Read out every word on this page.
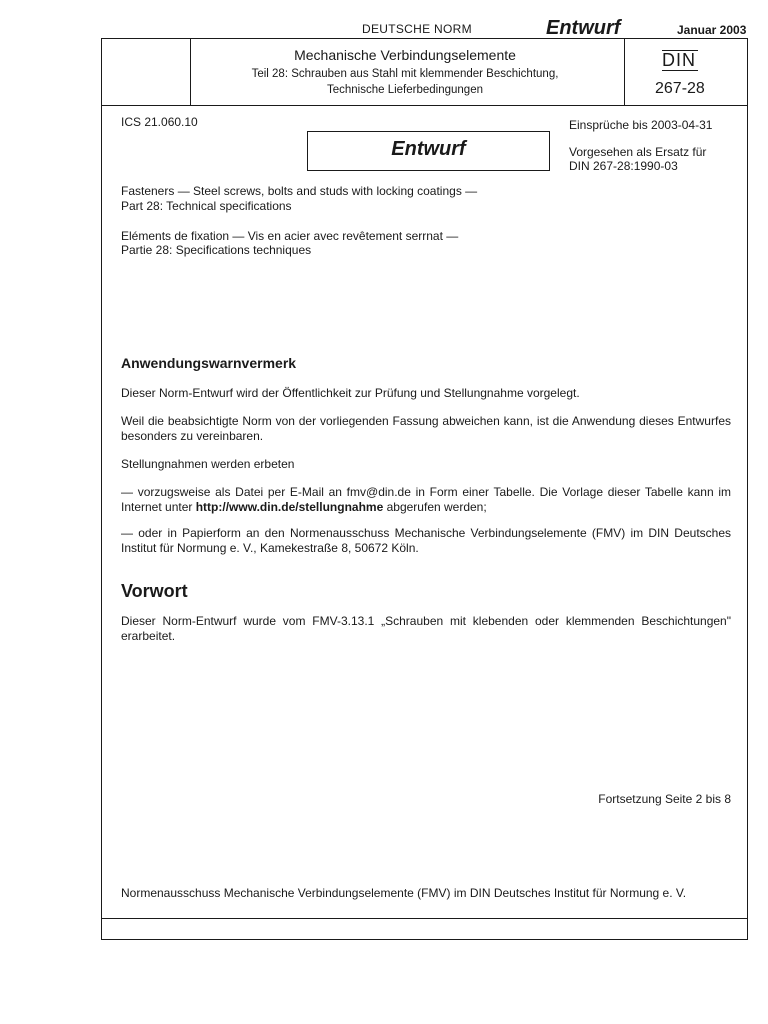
DEUTSCHE NORM	Entwurf	Januar 2003
Mechanische Verbindungselemente
Teil 28: Schrauben aus Stahl mit klemmender Beschichtung,
Technische Lieferbedingungen
DIN
267-28
ICS 21.060.10	Einsprüche bis 2003-04-31
Entwurf	Vorgesehen als Ersatz für
DIN 267-28:1990-03
Fasteners — Steel screws, bolts and studs with locking coatings —
Part 28: Technical specifications
Eléments de fixation — Vis en acier avec revêtement serrnat —
Partie 28: Specifications techniques
Anwendungswarnvermerk
Dieser Norm-Entwurf wird der Öffentlichkeit zur Prüfung und Stellungnahme vorgelegt.
Weil die beabsichtigte Norm von der vorliegenden Fassung abweichen kann, ist die Anwendung dieses Entwurfes besonders zu vereinbaren.
Stellungnahmen werden erbeten
— vorzugsweise als Datei per E-Mail an fmv@din.de in Form einer Tabelle. Die Vorlage dieser Tabelle kann im Internet unter http://www.din.de/stellungnahme abgerufen werden;
— oder in Papierform an den Normenausschuss Mechanische Verbindungselemente (FMV) im DIN Deutsches Institut für Normung e. V., Kamekestraße 8, 50672 Köln.
Vorwort
Dieser Norm-Entwurf wurde vom FMV-3.13.1 „Schrauben mit klebenden oder klemmenden Beschichtungen" erarbeitet.
Fortsetzung Seite 2 bis 8
Normenausschuss Mechanische Verbindungselemente (FMV) im DIN Deutsches Institut für Normung e. V.
